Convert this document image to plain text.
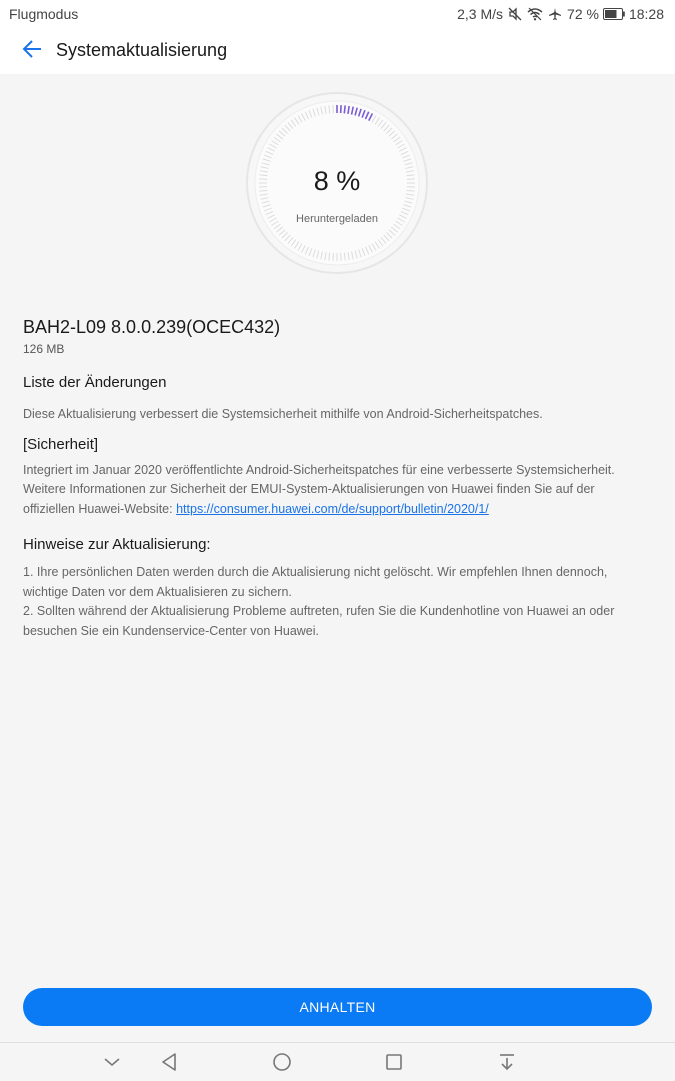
Flugmodus	2,3 M/s	72 % 18:28
Systemaktualisierung
8 %
Heruntergeladen
BAH2-L09 8.0.0.239(OCEC432)
126 MB
Liste der Änderungen
Diese Aktualisierung verbessert die Systemsicherheit mithilfe von Android-Sicherheitspatches.
[Sicherheit]
Integriert im Januar 2020 veröffentlichte Android-Sicherheitspatches für eine verbesserte Systemsicherheit. Weitere Informationen zur Sicherheit der EMUI-System-Aktualisierungen von Huawei finden Sie auf der offiziellen Huawei-Website: https://consumer.huawei.com/de/support/bulletin/2020/1/
Hinweise zur Aktualisierung:
1. Ihre persönlichen Daten werden durch die Aktualisierung nicht gelöscht. Wir empfehlen Ihnen dennoch, wichtige Daten vor dem Aktualisieren zu sichern.
2. Sollten während der Aktualisierung Probleme auftreten, rufen Sie die Kundenhotline von Huawei an oder besuchen Sie ein Kundenservice-Center von Huawei.
ANHALTEN
